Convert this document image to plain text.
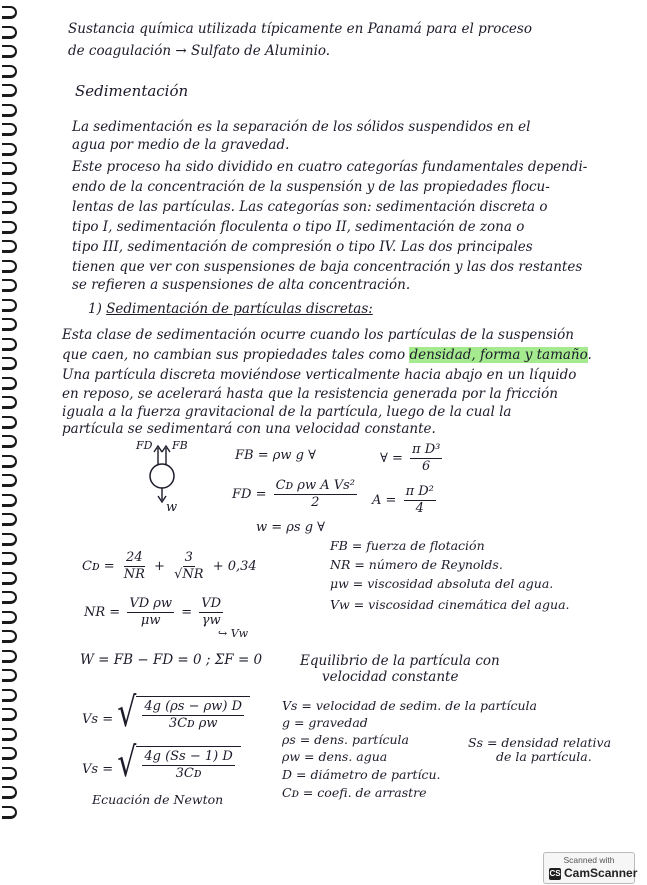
Sustancia química utilizada típicamente en Panamá para el proceso
de coagulación → Sulfato de Aluminio.
Sedimentación
La sedimentación es la separación de los sólidos suspendidos en el
agua por medio de la gravedad.
Este proceso ha sido dividido en cuatro categorías fundamentales dependi-
endo de la concentración de la suspensión y de las propiedades flocu-
lentas de las partículas. Las categorías son: sedimentación discreta o
tipo I, sedimentación floculenta o tipo II, sedimentación de zona o
tipo III, sedimentación de compresión o tipo IV. Las dos principales
tienen que ver con suspensiones de baja concentración y las dos restantes
se refieren a suspensiones de alta concentración.
1) Sedimentación de partículas discretas:
Esta clase de sedimentación ocurre cuando los partículas de la suspensión
que caen, no cambian sus propiedades tales como densidad, forma y tamaño.
Una partícula discreta moviéndose verticalmente hacia abajo en un líquido
en reposo, se acelerará hasta que la resistencia generada por la fricción
iguala a la fuerza gravitacional de la partícula, luego de la cual la
partícula se sedimentará con una velocidad constante.
FD FB
w
FB = ρw g ∀
FD = $\frac{\text{Cᴅ ρw A Vs²}}{2}$
w = ρs g ∀
∀ = $\frac{\text{π D³}}{6}$
$A = \frac{\text{π D²}}{4}$
Cᴅ = $\frac{24}{NR} + \frac{3}{√NR} + 0,34$
FB = fuerza de flotación
NR = número de Reynolds.
μw = viscosidad absoluta del agua.
Vw = viscosidad cinemática del agua.
NR = $\frac{\text{VD ρw}}{\mu w} = \frac{VD}{\gamma w}$
↪ Vw
W = FB − FD = 0 ; ΣF = 0	Equilibrio de la partícula con
velocidad constante
Vs = √ $\frac{4g (\rho s - \rho w) D}{\text{3Cᴅ ρw}}$
Vs = √ $\frac{4g (Ss - 1) D}{\text{3Cᴅ}}$
Ecuación de Newton
Vs = velocidad de sedim. de la partícula
g = gravedad
ρs = dens. partícula
ρw = dens. agua
D = diámetro de partícu.
Cᴅ = coefi. de arrastre
Ss = densidad relativa
de la partícula.
Scanned with
CS CamScanner
